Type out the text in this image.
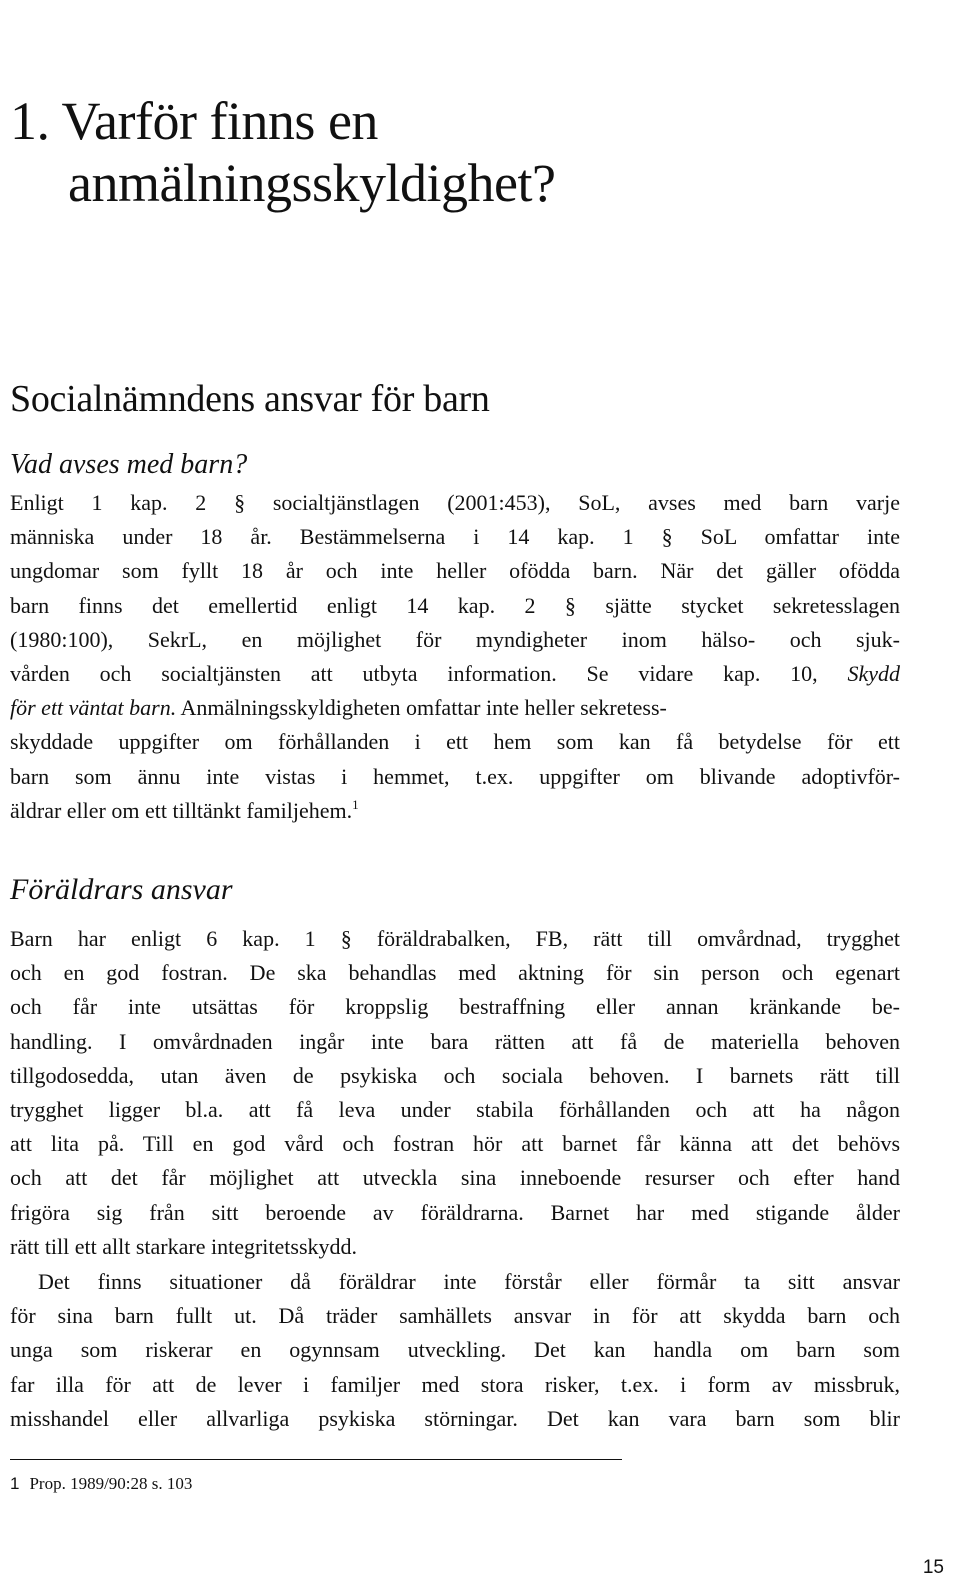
1. Varför finns en
anmälningsskyldighet?
Socialnämndens ansvar för barn
Vad avses med barn?

Enligt 1 kap. 2 § socialtjänstlagen (2001:453), SoL, avses med barn varje
människa under 18 år. Bestämmelserna i 14 kap. 1 § SoL omfattar inte
ungdomar som fyllt 18 år och inte heller ofödda barn. När det gäller ofödda
barn finns det emellertid enligt 14 kap. 2 § sjätte stycket sekretesslagen
(1980:100), SekrL, en möjlighet för myndigheter inom hälso- och sjuk-
vården och socialtjänsten att utbyta information. Se vidare kap. 10, Skydd
för ett väntat barn. Anmälningsskyldigheten omfattar inte heller sekretess-
skyddade uppgifter om förhållanden i ett hem som kan få betydelse för ett
barn som ännu inte vistas i hemmet, t.ex. uppgifter om blivande adoptivför-
äldrar eller om ett tilltänkt familjehem.$^1$

Föräldrars ansvar

Barn har enligt 6 kap. 1 § föräldrabalken, FB, rätt till omvårdnad, trygghet
och en god fostran. De ska behandlas med aktning för sin person och egenart
och får inte utsättas för kroppslig bestraffning eller annan kränkande be-
handling. I omvårdnaden ingår inte bara rätten att få de materiella behoven
tillgodosedda, utan även de psykiska och sociala behoven. I barnets rätt till
trygghet ligger bl.a. att få leva under stabila förhållanden och att ha någon
att lita på. Till en god vård och fostran hör att barnet får känna att det behövs
och att det får möjlighet att utveckla sina inneboende resurser och efter hand
frigöra sig från sitt beroende av föräldrarna. Barnet har med stigande ålder
rätt till ett allt starkare integritetsskydd.

Det finns situationer då föräldrar inte förstår eller förmår ta sitt ansvar
för sina barn fullt ut. Då träder samhällets ansvar in för att skydda barn och
unga som riskerar en ogynnsam utveckling. Det kan handla om barn som
far illa för att de lever i familjer med stora risker, t.ex. i form av missbruk,
misshandel eller allvarliga psykiska störningar. Det kan vara barn som blir

1 Prop. 1989/90:28 s. 103

15
